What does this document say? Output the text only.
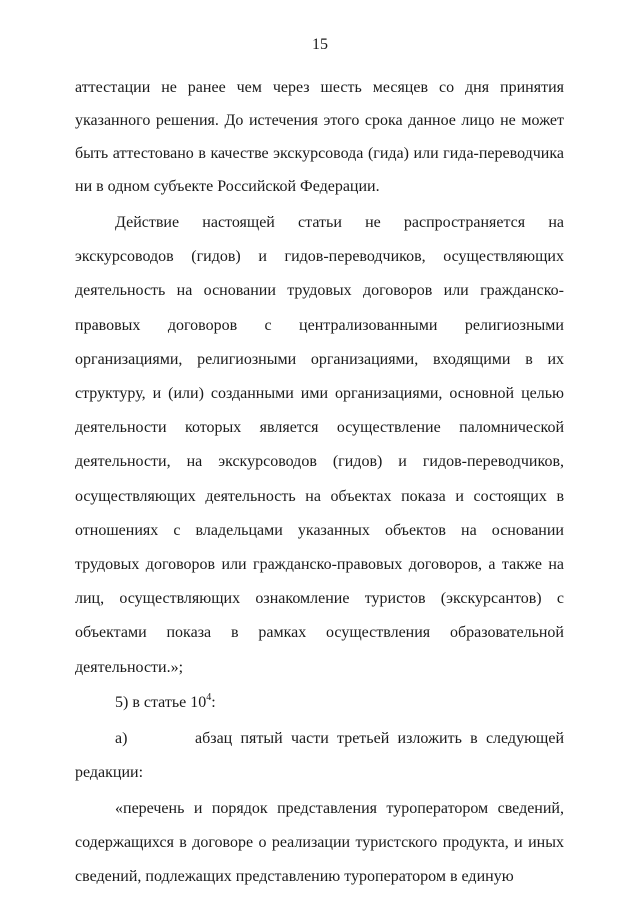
15

аттестации не ранее чем через шесть месяцев со дня принятия указанного решения. До истечения этого срока данное лицо не может быть аттестовано в качестве экскурсовода (гида) или гида-переводчика ни в одном субъекте Российской Федерации.

Действие настоящей статьи не распространяется на экскурсоводов (гидов) и гидов-переводчиков, осуществляющих деятельность на основании трудовых договоров или гражданско-правовых договоров с централизованными религиозными организациями, религиозными организациями, входящими в их структуру, и (или) созданными ими организациями, основной целью деятельности которых является осуществление паломнической деятельности, на экскурсоводов (гидов) и гидов-переводчиков, осуществляющих деятельность на объектах показа и состоящих в отношениях с владельцами указанных объектов на основании трудовых договоров или гражданско-правовых договоров, а также на лиц, осуществляющих ознакомление туристов (экскурсантов) с объектами показа в рамках осуществления образовательной деятельности.»;

5) в статье $10^4$:

а)	абзац пятый части третьей изложить в следующей редакции:

«перечень и порядок представления туроператором сведений, содержащихся в договоре о реализации туристского продукта, и иных сведений, подлежащих представлению туроператором в единую
